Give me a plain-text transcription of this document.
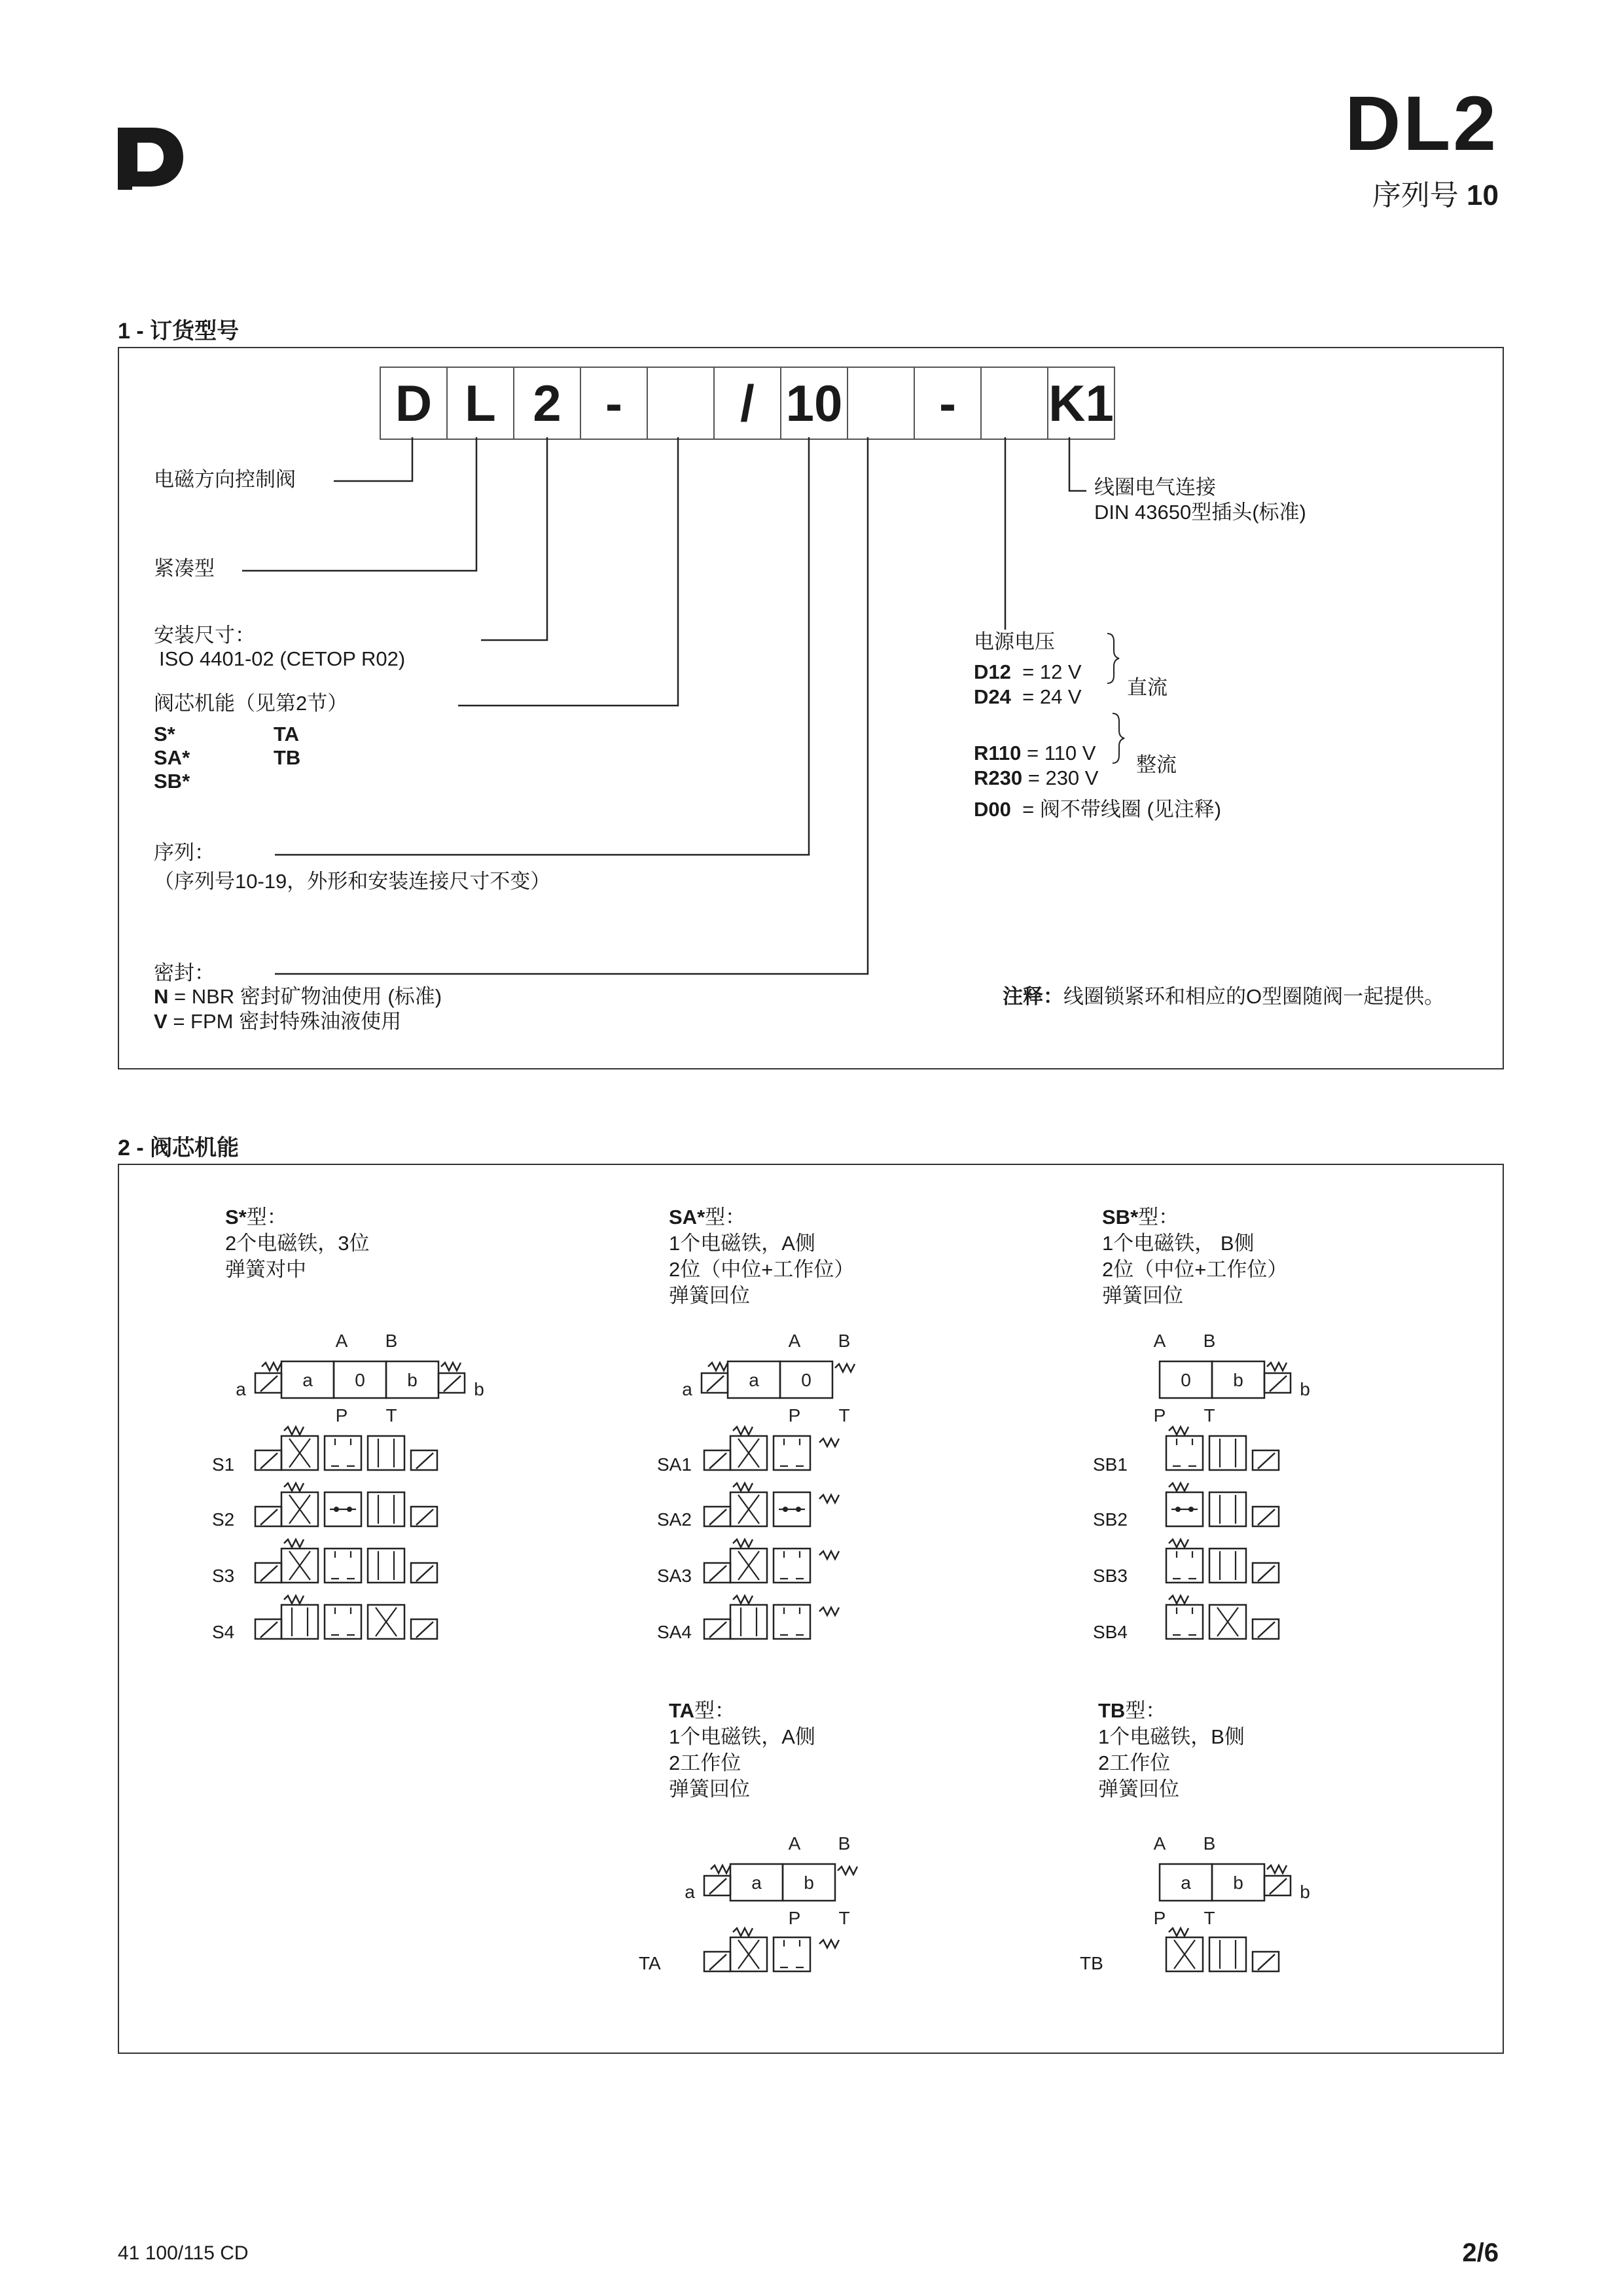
DL2
序列号 10
1 - 订货型号
D L 2 -	/ 10	-	K1
电磁方向控制阀
紧凑型
安装尺寸：
ISO 4401-02 (CETOP R02)
阀芯机能（见第2节）
S*
SA*
SB*
TA
TB
序列：
（序列号10-19，外形和安装连接尺寸不变）
密封：
N = NBR 密封矿物油使用 (标准)
V = FPM 密封特殊油液使用
线圈电气连接
DIN 43650型插头(标准)
电源电压
D12 = 12 V
D24 = 24 V 直流
R110 = 110 V
R230 = 230 V
整流
D00 = 阀不带线圈 (见注释)
注释：线圈锁紧环和相应的O型圈随阀一起提供。
2 - 阀芯机能
S*型：
2个电磁铁，3位
弹簧对中
SA*型：
1个电磁铁，A侧
2位（中位+工作位）
弹簧回位
SB*型：
1个电磁铁， B侧
2位（中位+工作位）
弹簧回位
TA型：
1个电磁铁，A侧
2工作位
弹簧回位
TB型：
1个电磁铁，B侧
2工作位
弹簧回位
S1
S2
S3
S4
SA1
SA2
SA3
SA4
SB1
SB2
SB3
SB4
TA	TB
a	a 0 b	b
A B
P T
a	a 0
A B
P T
0 b	b
A B
P T
a	a b
A B
P T
a b	b
A B
P T
41 100/115 CD	2/6
